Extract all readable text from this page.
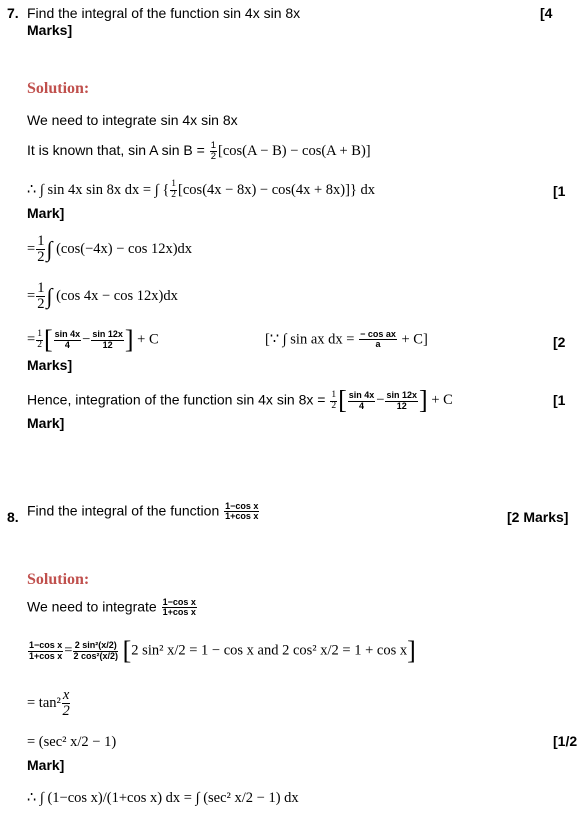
7. Find the integral of the function sin 4x sin 8x	[4
Marks]
Solution:
We need to integrate sin 4x sin 8x
It is known that, sin A $\sin B = \frac{1}{2} [\cos(A - B) - \cos(A + B)]$
∴ ∫ sin 4x sin 8x dx = ∫ { $\frac{1}{2} [\cos(4x - 8x) - \cos(4x + 8x)]$} dx	[1
Mark]
= $\frac{1}{2}$ ∫ (cos(−4x) − cos 12x)dx
= $\frac{1}{2}$ ∫ (cos 4x − cos 12x)dx
= $\frac{1}{2}$ [ $\frac{\sin 4x}{4} - \frac{\sin 12x}{12}$ ] + C	[∵ ∫ sin ax dx = $\frac{\text{− cos ax}}{a} + C$]	[2
Marks]
Hence, integration of the function sin 4x $\sin 8x = \frac{1}{2}$ [ $\frac{\sin 4x}{4} - \frac{\sin 12x}{12}$ ] + C	[1
Mark]
8. Find the integral of the function $\frac{\text{1−cos x}}{\text{1+cos x}}$	[2 Marks]
Solution:
We need to integrate $\frac{\text{1−cos x}}{\text{1+cos x}}$
$\frac{\text{1−cos x}}{\text{1+cos x}} = \frac{\text{2 sin²(x/2)}}{\text{2 cos²(x/2)}} [2$ sin² x/2 = 1 − cos x and 2 cos² x/2 = 1 + cos x]
= $\tan^2 \frac{x}{2}$
= (sec² x/2 − 1)	[1/2
Mark]
∴ ∫ (1−cos x)/(1+cos x) dx = ∫ (sec² x/2 − 1) dx
